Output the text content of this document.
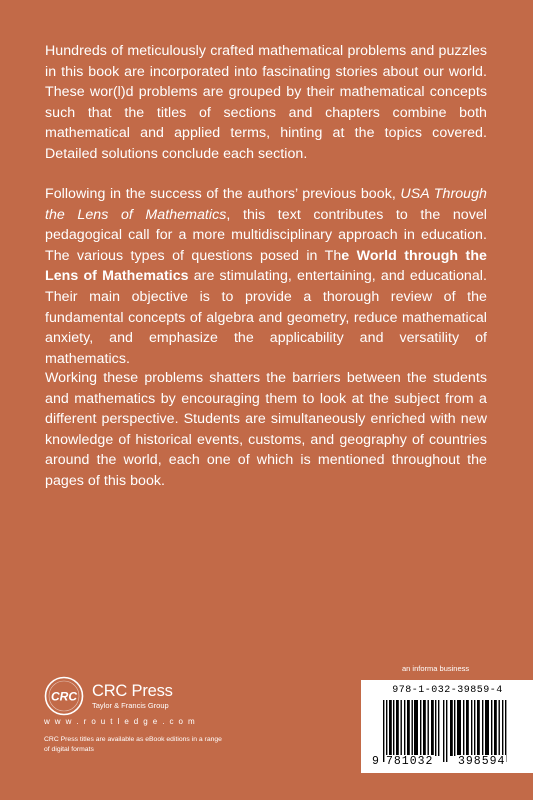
Hundreds of meticulously crafted mathematical problems and puzzles in this book are incorporated into fascinating stories about our world. These wor(l)d problems are grouped by their mathematical concepts such that the titles of sections and chapters combine both mathematical and applied terms, hinting at the topics covered. Detailed solutions conclude each section.

Following in the success of the authors’ previous book, USA Through the Lens of Mathematics, this text contributes to the novel pedagogical call for a more multidisciplinary approach in education. The various types of questions posed in The World through the Lens of Mathematics are stimulating, entertaining, and educational. Their main objective is to provide a thorough review of the fundamental concepts of algebra and geometry, reduce mathematical anxiety, and emphasize the applicability and versatility of mathematics.

Working these problems shatters the barriers between the students and mathematics by encouraging them to look at the subject from a different perspective. Students are simultaneously enriched with new knowledge of historical events, customs, and geography of countries around the world, each one of which is mentioned throughout the pages of this book.

an informa business
978-1-032-39859-4
9 781032 398594
CRC CRC Press
Taylor & Francis Group
w w w . r o u t l e d g e . c o m
CRC Press titles are available as eBook editions in a range of digital formats
